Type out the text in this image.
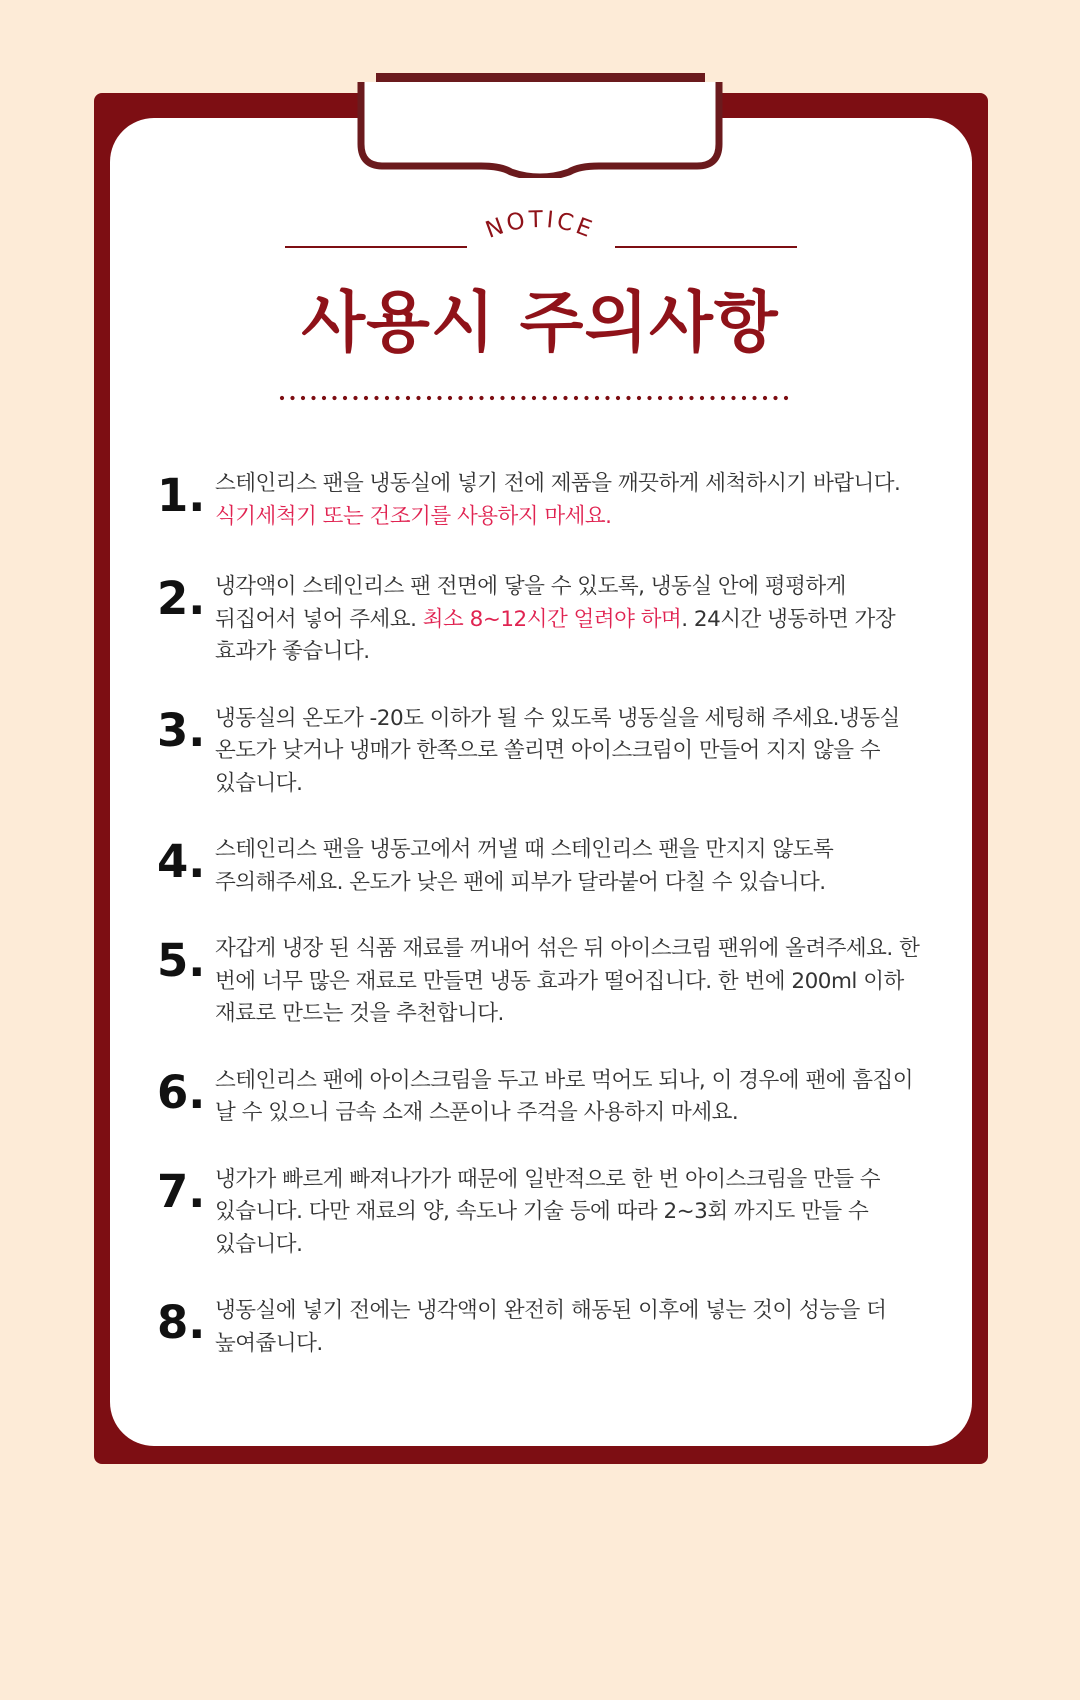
NOTICE
사용시 주의사항
1. 스테인리스 팬을 냉동실에 넣기 전에 제품을 깨끗하게 세척하시기 바랍니다.
식기세척기 또는 건조기를 사용하지 마세요.
2. 냉각액이 스테인리스 팬 전면에 닿을 수 있도록, 냉동실 안에 평평하게 뒤집어서 넣어 주세요. 최소 8~12시간 얼려야 하며. 24시간 냉동하면 가장 효과가 좋습니다.
3. 냉동실의 온도가 -20도 이하가 될 수 있도록 냉동실을 세팅해 주세요.냉동실 온도가 낮거나 냉매가 한쪽으로 쏠리면 아이스크림이 만들어 지지 않을 수 있습니다.
4. 스테인리스 팬을 냉동고에서 꺼낼 때 스테인리스 팬을 만지지 않도록 주의해주세요. 온도가 낮은 팬에 피부가 달라붙어 다칠 수 있습니다.
5. 자갑게 냉장 된 식품 재료를 꺼내어 섞은 뒤 아이스크림 팬위에 올려주세요. 한 번에 너무 많은 재료로 만들면 냉동 효과가 떨어집니다. 한 번에 200ml 이하 재료로 만드는 것을 추천합니다.
6. 스테인리스 팬에 아이스크림을 두고 바로 먹어도 되나, 이 경우에 팬에 흠집이 날 수 있으니 금속 소재 스푼이나 주걱을 사용하지 마세요.
7. 냉가가 빠르게 빠져나가가 때문에 일반적으로 한 번 아이스크림을 만들 수 있습니다. 다만 재료의 양, 속도나 기술 등에 따라 2~3회 까지도 만들 수 있습니다.
8. 냉동실에 넣기 전에는 냉각액이 완전히 해동된 이후에 넣는 것이 성능을 더 높여줍니다.
